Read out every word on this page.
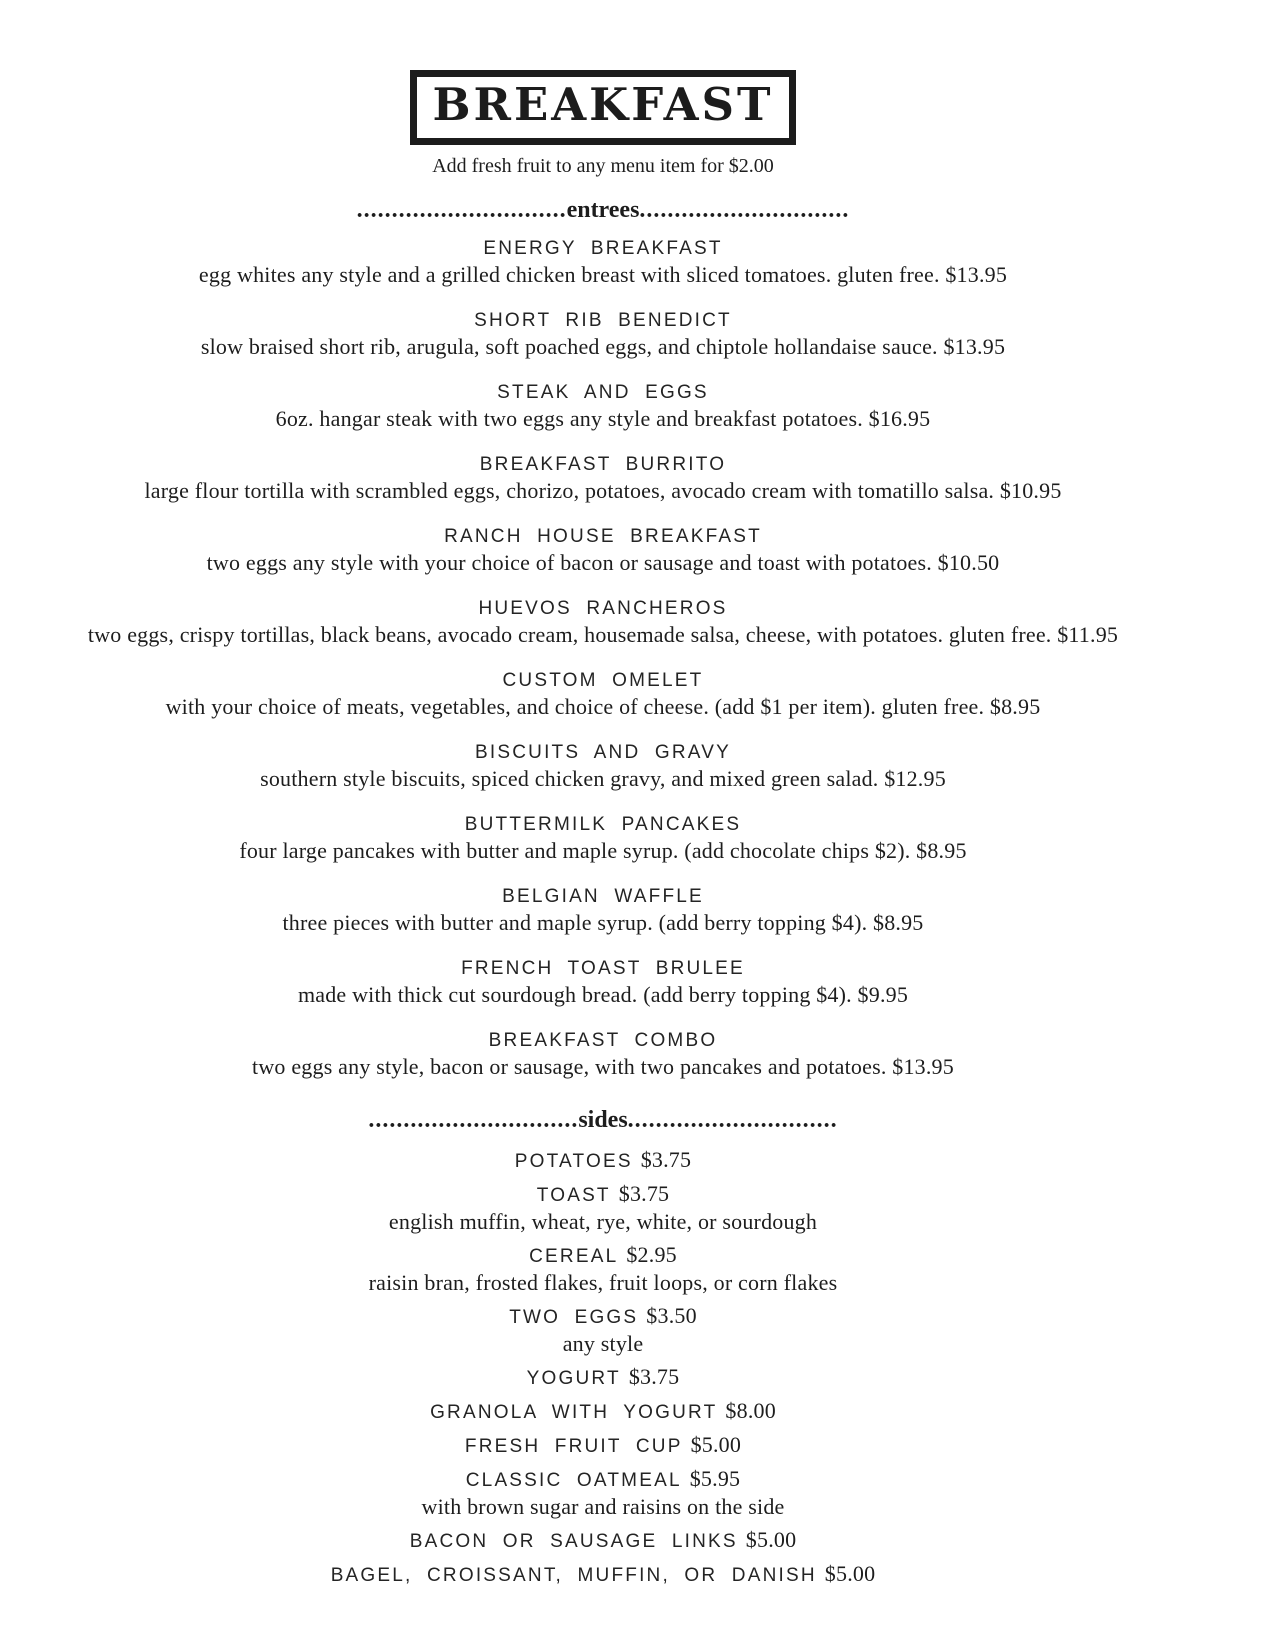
BREAKFAST
Add fresh fruit to any menu item for $2.00
..............................entrees..............................
ENERGY BREAKFAST
egg whites any style and a grilled chicken breast with sliced tomatoes. gluten free. $13.95
SHORT RIB BENEDICT
slow braised short rib, arugula, soft poached eggs, and chiptole hollandaise sauce. $13.95
STEAK AND EGGS
6oz. hangar steak with two eggs any style and breakfast potatoes. $16.95
BREAKFAST BURRITO
large flour tortilla with scrambled eggs, chorizo, potatoes, avocado cream with tomatillo salsa. $10.95
RANCH HOUSE BREAKFAST
two eggs any style with your choice of bacon or sausage and toast with potatoes. $10.50
HUEVOS RANCHEROS
two eggs, crispy tortillas, black beans, avocado cream, housemade salsa, cheese, with potatoes. gluten free. $11.95
CUSTOM OMELET
with your choice of meats, vegetables, and choice of cheese. (add $1 per item). gluten free. $8.95
BISCUITS AND GRAVY
southern style biscuits, spiced chicken gravy, and mixed green salad. $12.95
BUTTERMILK PANCAKES
four large pancakes with butter and maple syrup. (add chocolate chips $2). $8.95
BELGIAN WAFFLE
three pieces with butter and maple syrup. (add berry topping $4). $8.95
FRENCH TOAST BRULEE
made with thick cut sourdough bread. (add berry topping $4). $9.95
BREAKFAST COMBO
two eggs any style, bacon or sausage, with two pancakes and potatoes. $13.95
..............................sides..............................
POTATOES $3.75
TOAST $3.75
english muffin, wheat, rye, white, or sourdough
CEREAL $2.95
raisin bran, frosted flakes, fruit loops, or corn flakes
TWO EGGS $3.50
any style
YOGURT $3.75
GRANOLA WITH YOGURT $8.00
FRESH FRUIT CUP $5.00
CLASSIC OATMEAL $5.95
with brown sugar and raisins on the side
BACON OR SAUSAGE LINKS $5.00
BAGEL, CROISSANT, MUFFIN, OR DANISH $5.00
